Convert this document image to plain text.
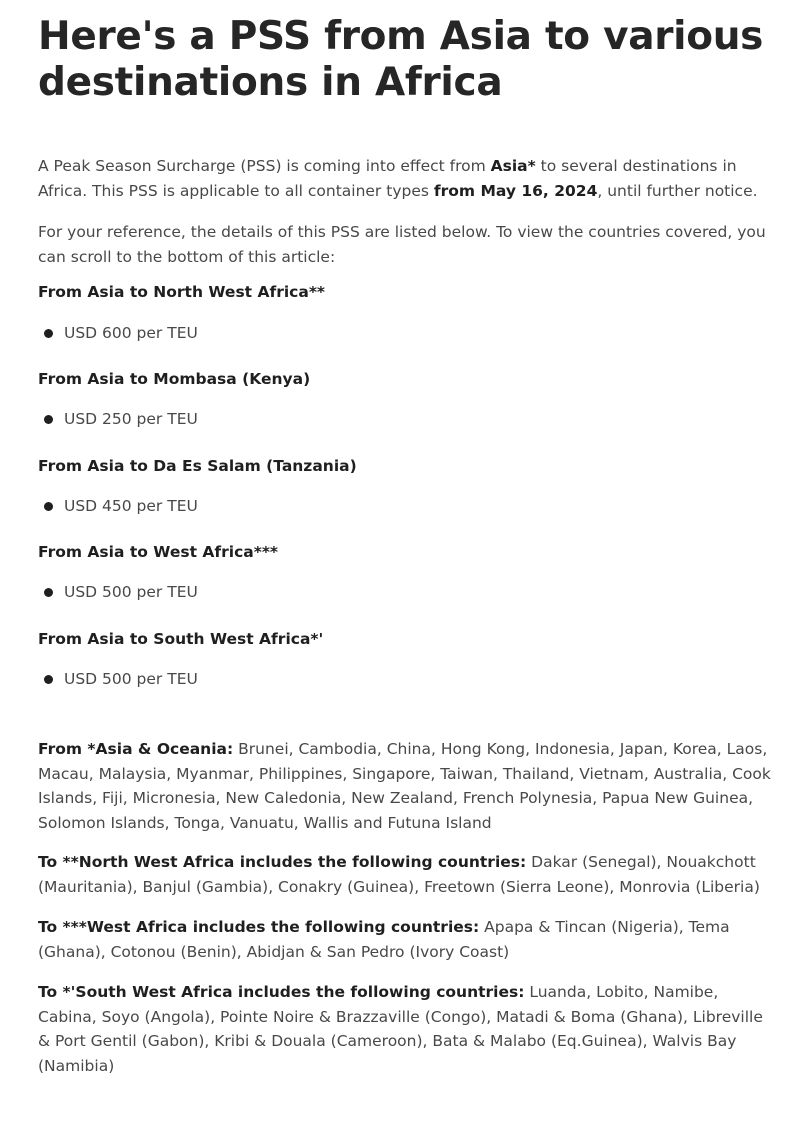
Here's a PSS from Asia to various destinations in Africa

A Peak Season Surcharge (PSS) is coming into effect from Asia* to several destinations in Africa. This PSS is applicable to all container types from May 16, 2024, until further notice.

For your reference, the details of this PSS are listed below. To view the countries covered, you can scroll to the bottom of this article:

From Asia to North West Africa**

USD 600 per TEU

From Asia to Mombasa (Kenya)

USD 250 per TEU

From Asia to Da Es Salam (Tanzania)

USD 450 per TEU

From Asia to West Africa***

USD 500 per TEU

From Asia to South West Africa*'

USD 500 per TEU

From *Asia & Oceania: Brunei, Cambodia, China, Hong Kong, Indonesia, Japan, Korea, Laos, Macau, Malaysia, Myanmar, Philippines, Singapore, Taiwan, Thailand, Vietnam, Australia, Cook Islands, Fiji, Micronesia, New Caledonia, New Zealand, French Polynesia, Papua New Guinea, Solomon Islands, Tonga, Vanuatu, Wallis and Futuna Island

To **North West Africa includes the following countries: Dakar (Senegal), Nouakchott (Mauritania), Banjul (Gambia), Conakry (Guinea), Freetown (Sierra Leone), Monrovia (Liberia)

To ***West Africa includes the following countries: Apapa & Tincan (Nigeria), Tema (Ghana), Cotonou (Benin), Abidjan & San Pedro (Ivory Coast)

To *'South West Africa includes the following countries: Luanda, Lobito, Namibe, Cabina, Soyo (Angola), Pointe Noire & Brazzaville (Congo), Matadi & Boma (Ghana), Libreville & Port Gentil (Gabon), Kribi & Douala (Cameroon), Bata & Malabo (Eq.Guinea), Walvis Bay (Namibia)
